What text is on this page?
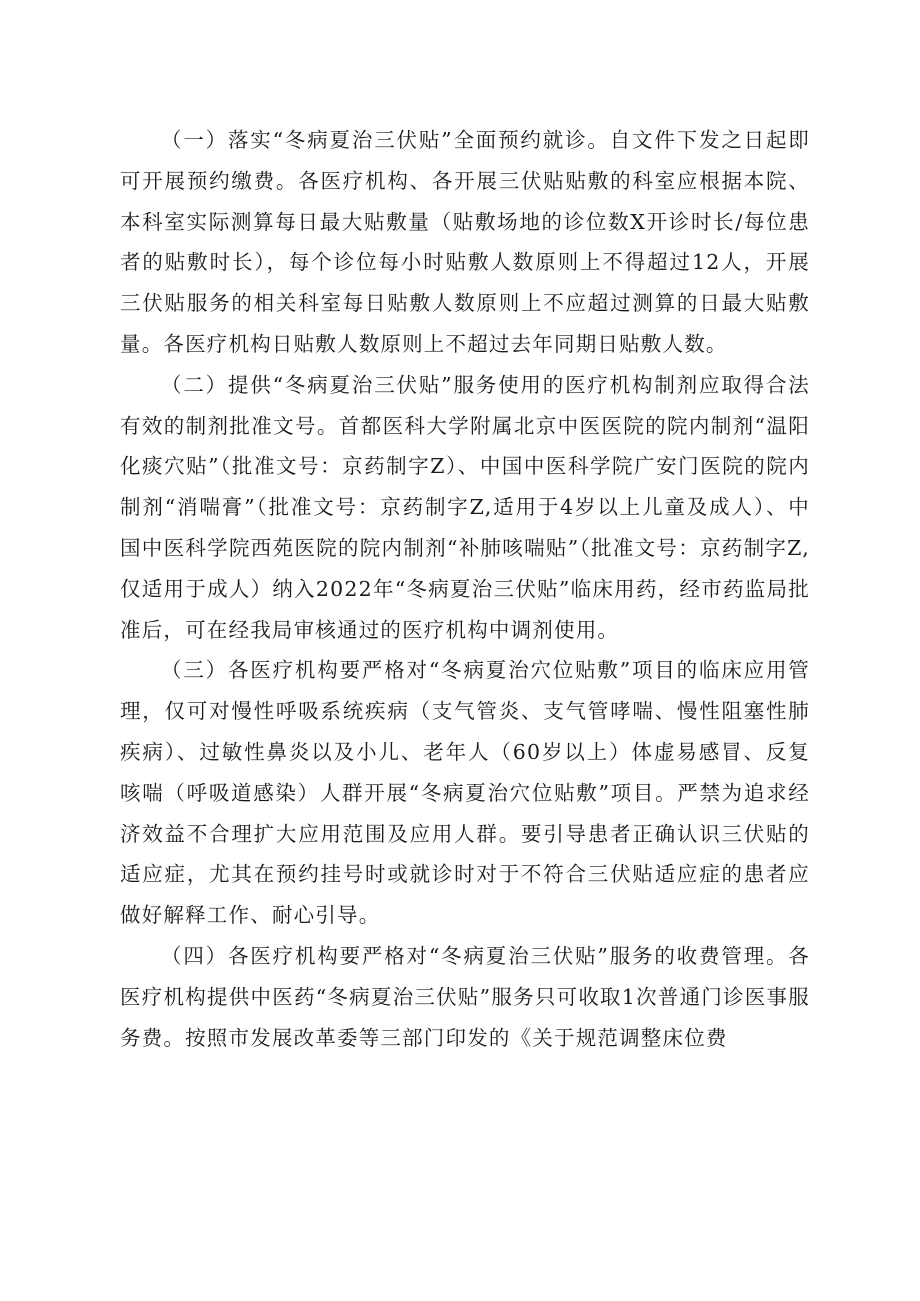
（一）落实“冬病夏治三伏贴”全面预约就诊。自文件下发之日起即可开展预约缴费。各医疗机构、各开展三伏贴贴敷的科室应根据本院、本科室实际测算每日最大贴敷量（贴敷场地的诊位数X开诊时长/每位患者的贴敷时长），每个诊位每小时贴敷人数原则上不得超过12人，开展三伏贴服务的相关科室每日贴敷人数原则上不应超过测算的日最大贴敷量。各医疗机构日贴敷人数原则上不超过去年同期日贴敷人数。

（二）提供“冬病夏治三伏贴”服务使用的医疗机构制剂应取得合法有效的制剂批准文号。首都医科大学附属北京中医医院的院内制剂“温阳化痰穴贴”（批准文号：京药制字Z）、中国中医科学院广安门医院的院内制剂“消喘膏”（批准文号：京药制字Z,适用于4岁以上儿童及成人）、中国中医科学院西苑医院的院内制剂“补肺咳喘贴”（批准文号：京药制字Z,仅适用于成人）纳入2022年“冬病夏治三伏贴”临床用药，经市药监局批准后，可在经我局审核通过的医疗机构中调剂使用。

（三）各医疗机构要严格对“冬病夏治穴位贴敷”项目的临床应用管理，仅可对慢性呼吸系统疾病（支气管炎、支气管哮喘、慢性阻塞性肺疾病）、过敏性鼻炎以及小儿、老年人（60岁以上）体虚易感冒、反复咳喘（呼吸道感染）人群开展“冬病夏治穴位贴敷”项目。严禁为追求经济效益不合理扩大应用范围及应用人群。要引导患者正确认识三伏贴的适应症，尤其在预约挂号时或就诊时对于不符合三伏贴适应症的患者应做好解释工作、耐心引导。

（四）各医疗机构要严格对“冬病夏治三伏贴”服务的收费管理。各医疗机构提供中医药“冬病夏治三伏贴”服务只可收取1次普通门诊医事服务费。按照市发展改革委等三部门印发的《关于规范调整床位费
